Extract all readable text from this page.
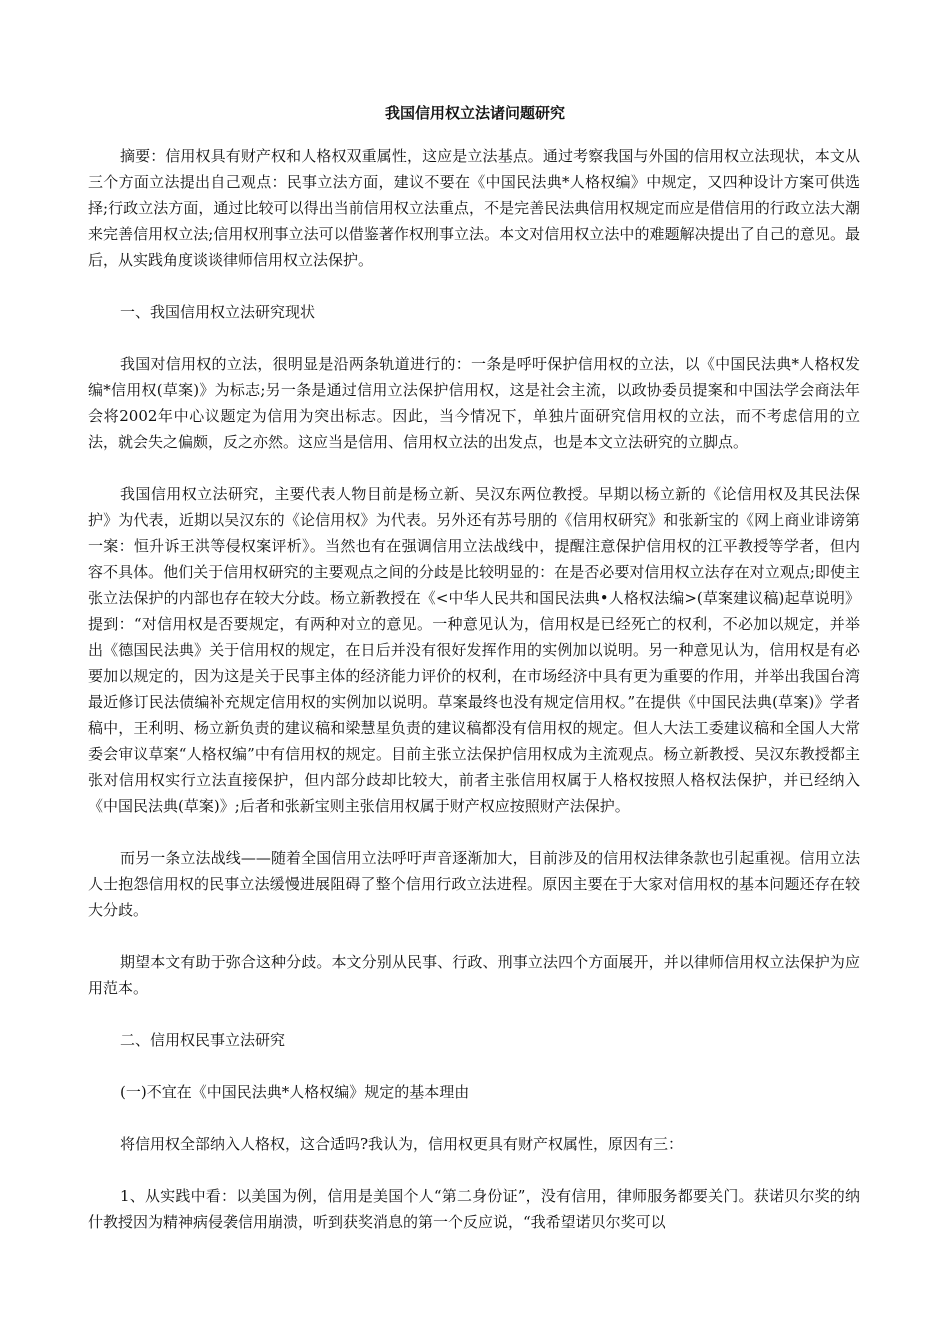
我国信用权立法诸问题研究

摘要：信用权具有财产权和人格权双重属性，这应是立法基点。通过考察我国与外国的信用权立法现状，本文从三个方面立法提出自己观点：民事立法方面，建议不要在《中国民法典*人格权编》中规定，又四种设计方案可供选择;行政立法方面，通过比较可以得出当前信用权立法重点，不是完善民法典信用权规定而应是借信用的行政立法大潮来完善信用权立法;信用权刑事立法可以借鉴著作权刑事立法。本文对信用权立法中的难题解决提出了自己的意见。最后，从实践角度谈谈律师信用权立法保护。

一、我国信用权立法研究现状

我国对信用权的立法，很明显是沿两条轨道进行的：一条是呼吁保护信用权的立法，以《中国民法典*人格权发编*信用权(草案)》为标志;另一条是通过信用立法保护信用权，这是社会主流，以政协委员提案和中国法学会商法年会将2002年中心议题定为信用为突出标志。因此，当今情况下，单独片面研究信用权的立法，而不考虑信用的立法，就会失之偏颇，反之亦然。这应当是信用、信用权立法的出发点，也是本文立法研究的立脚点。

我国信用权立法研究，主要代表人物目前是杨立新、吴汉东两位教授。早期以杨立新的《论信用权及其民法保护》为代表，近期以吴汉东的《论信用权》为代表。另外还有苏号朋的《信用权研究》和张新宝的《网上商业诽谤第一案：恒升诉王洪等侵权案评析》。当然也有在强调信用立法战线中，提醒注意保护信用权的江平教授等学者，但内容不具体。他们关于信用权研究的主要观点之间的分歧是比较明显的：在是否必要对信用权立法存在对立观点;即使主张立法保护的内部也存在较大分歧。杨立新教授在《<中华人民共和国民法典•人格权法编>(草案建议稿)起草说明》提到：“对信用权是否要规定，有两种对立的意见。一种意见认为，信用权是已经死亡的权利，不必加以规定，并举出《德国民法典》关于信用权的规定，在日后并没有很好发挥作用的实例加以说明。另一种意见认为，信用权是有必要加以规定的，因为这是关于民事主体的经济能力评价的权利，在市场经济中具有更为重要的作用，并举出我国台湾最近修订民法债编补充规定信用权的实例加以说明。草案最终也没有规定信用权。”在提供《中国民法典(草案)》学者稿中，王利明、杨立新负责的建议稿和梁慧星负责的建议稿都没有信用权的规定。但人大法工委建议稿和全国人大常委会审议草案“人格权编”中有信用权的规定。目前主张立法保护信用权成为主流观点。杨立新教授、吴汉东教授都主张对信用权实行立法直接保护，但内部分歧却比较大，前者主张信用权属于人格权按照人格权法保护，并已经纳入《中国民法典(草案)》;后者和张新宝则主张信用权属于财产权应按照财产法保护。

而另一条立法战线——随着全国信用立法呼吁声音逐渐加大，目前涉及的信用权法律条款也引起重视。信用立法人士抱怨信用权的民事立法缓慢进展阻碍了整个信用行政立法进程。原因主要在于大家对信用权的基本问题还存在较大分歧。

期望本文有助于弥合这种分歧。本文分别从民事、行政、刑事立法四个方面展开，并以律师信用权立法保护为应用范本。

二、信用权民事立法研究

(一)不宜在《中国民法典*人格权编》规定的基本理由

将信用权全部纳入人格权，这合适吗?我认为，信用权更具有财产权属性，原因有三：

1、从实践中看：以美国为例，信用是美国个人“第二身份证”，没有信用，律师服务都要关门。获诺贝尔奖的纳什教授因为精神病侵袭信用崩溃，听到获奖消息的第一个反应说，“我希望诺贝尔奖可以
